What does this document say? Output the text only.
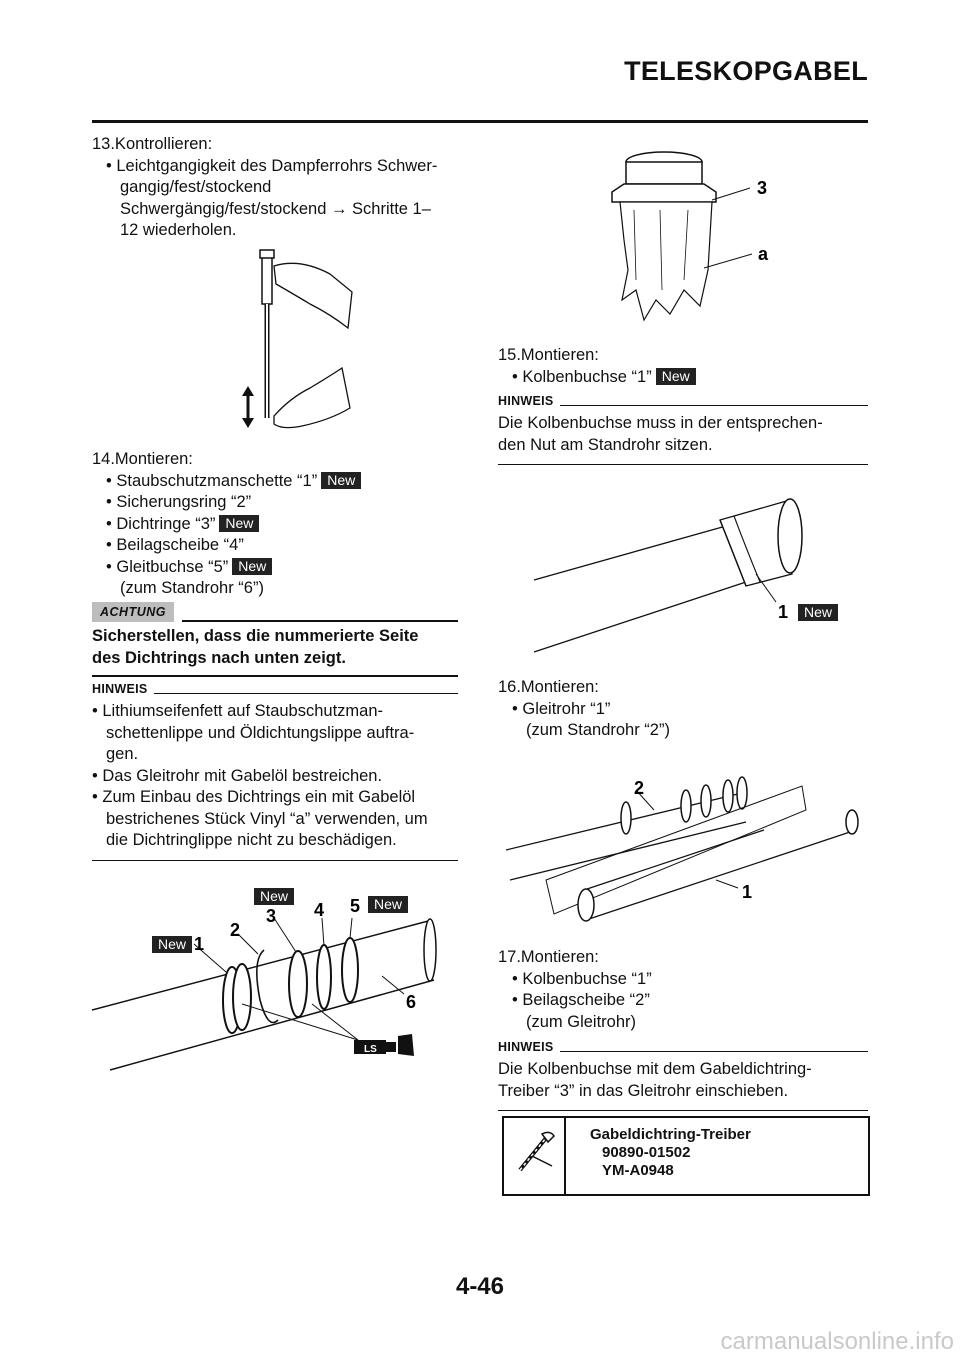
TELESKOPGABEL
13.Kontrollieren:
• Leichtgangigkeit des Dampferrohrs Schwer-
gangig/fest/stockend
Schwergängig/fest/stockend → Schritte 1–
12 wiederholen.
14.Montieren:
• Staubschutzmanschette “1” New
• Sicherungsring “2”
• Dichtringe “3” New
• Beilagscheibe “4”
• Gleitbuchse “5” New
(zum Standrohr “6”)
ACHTUNG
Sicherstellen, dass die nummerierte Seite
des Dichtrings nach unten zeigt.
HINWEIS
• Lithiumseifenfett auf Staubschutzman-
schettenlippe und Öldichtungslippe auftra-
gen.
• Das Gleitrohr mit Gabelöl bestreichen.
• Zum Einbau des Dichtrings ein mit Gabelöl
bestrichenes Stück Vinyl “a” verwenden, um
die Dichtringlippe nicht zu beschädigen.
1
2
3 4 5
6
LS
New
New	New
3
a
15.Montieren:
• Kolbenbuchse “1” New
HINWEIS
Die Kolbenbuchse muss in der entsprechen-
den Nut am Standrohr sitzen.
1	New
16.Montieren:
• Gleitrohr “1”
(zum Standrohr “2”)
2
1
17.Montieren:
• Kolbenbuchse “1”
• Beilagscheibe “2”
(zum Gleitrohr)
HINWEIS
Die Kolbenbuchse mit dem Gabeldichtring-
Treiber “3” in das Gleitrohr einschieben.
Gabeldichtring-Treiber
90890-01502
YM-A0948
4-46
carmanualsonline.info
